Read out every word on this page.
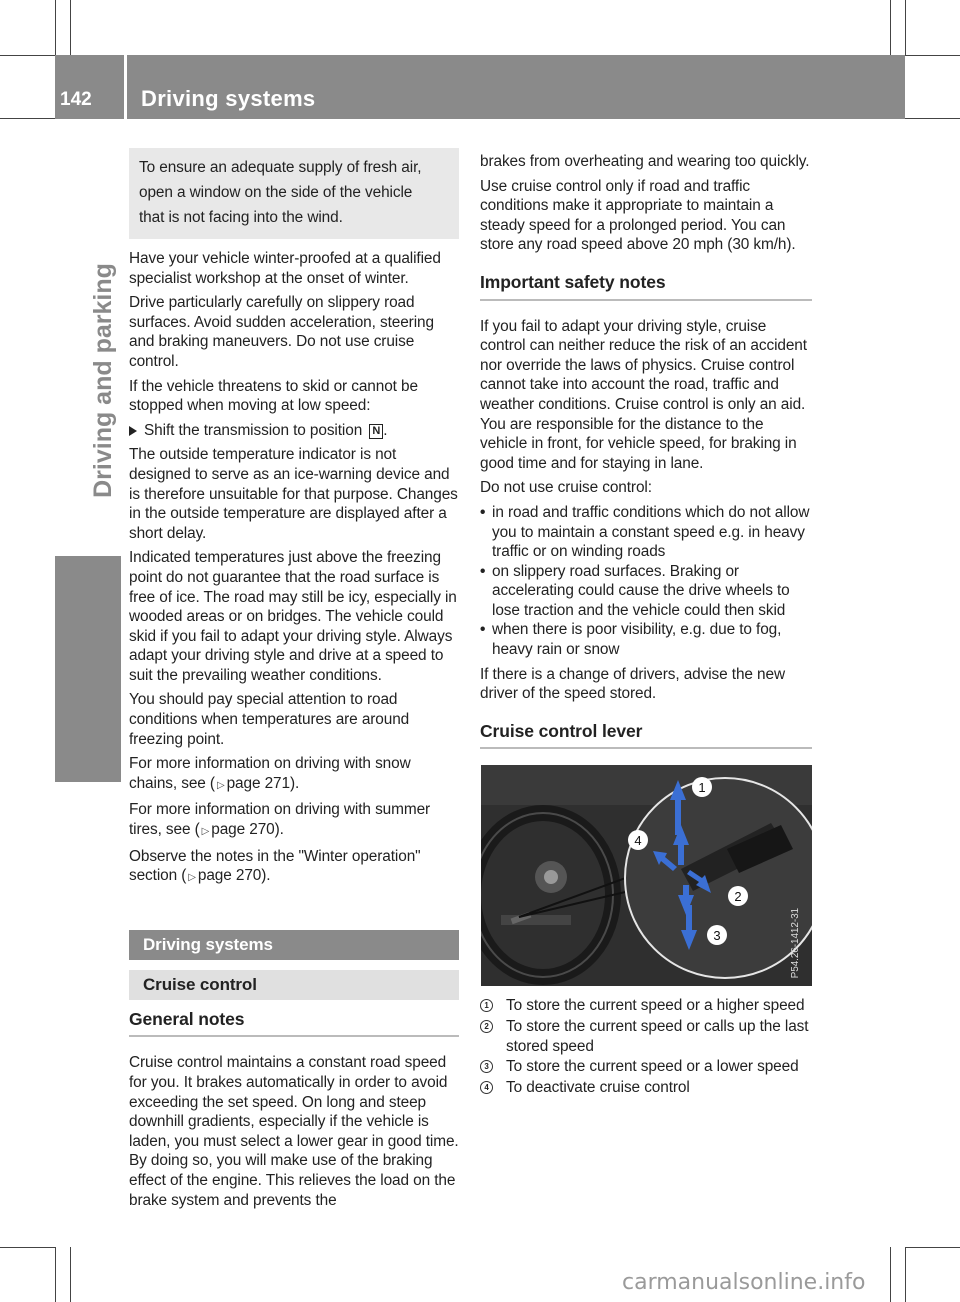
142 Driving systems
Driving and parking

To ensure an adequate supply of fresh air,

open a window on the side of the vehicle

that is not facing into the wind.

Have your vehicle winter-proofed at a qualified specialist workshop at the onset of winter.

Drive particularly carefully on slippery road surfaces. Avoid sudden acceleration, steering and braking maneuvers. Do not use cruise control.

If the vehicle threatens to skid or cannot be stopped when moving at low speed:

Shift the transmission to position N .

The outside temperature indicator is not designed to serve as an ice-warning device and is therefore unsuitable for that purpose. Changes in the outside temperature are displayed after a short delay.

Indicated temperatures just above the freezing point do not guarantee that the road surface is free of ice. The road may still be icy, especially in wooded areas or on bridges. The vehicle could skid if you fail to adapt your driving style. Always adapt your driving style and drive at a speed to suit the prevailing weather conditions.

You should pay special attention to road conditions when temperatures are around freezing point.

For more information on driving with snow chains, see ( ▷ page 271).

For more information on driving with summer tires, see ( ▷ page 270).

Observe the notes in the "Winter operation" section ( ▷ page 270).

Driving systems
Cruise control
General notes

Cruise control maintains a constant road speed for you. It brakes automatically in order to avoid exceeding the set speed. On long and steep downhill gradients, especially if the vehicle is laden, you must select a lower gear in good time. By doing so, you will make use of the braking effect of the engine. This relieves the load on the brake system and prevents the

brakes from overheating and wearing too quickly.

Use cruise control only if road and traffic conditions make it appropriate to maintain a steady speed for a prolonged period. You can store any road speed above 20 mph (30 km/h).

Important safety notes

If you fail to adapt your driving style, cruise control can neither reduce the risk of an accident nor override the laws of physics. Cruise control cannot take into account the road, traffic and weather conditions. Cruise control is only an aid. You are responsible for the distance to the vehicle in front, for vehicle speed, for braking in good time and for staying in lane.

Do not use cruise control:

• in road and traffic conditions which do not allow you to maintain a constant speed e.g. in heavy traffic or on winding roads
• on slippery road surfaces. Braking or accelerating could cause the drive wheels to lose traction and the vehicle could then skid
• when there is poor visibility, e.g. due to fog, heavy rain or snow

If there is a change of drivers, advise the new driver of the speed stored.

Cruise control lever
1
4
2
3	P54.26-1412-31
1 To store the current speed or a higher speed
2 To store the current speed or calls up the last stored speed
3 To store the current speed or a lower speed
4 To deactivate cruise control
carmanualsonline.info
